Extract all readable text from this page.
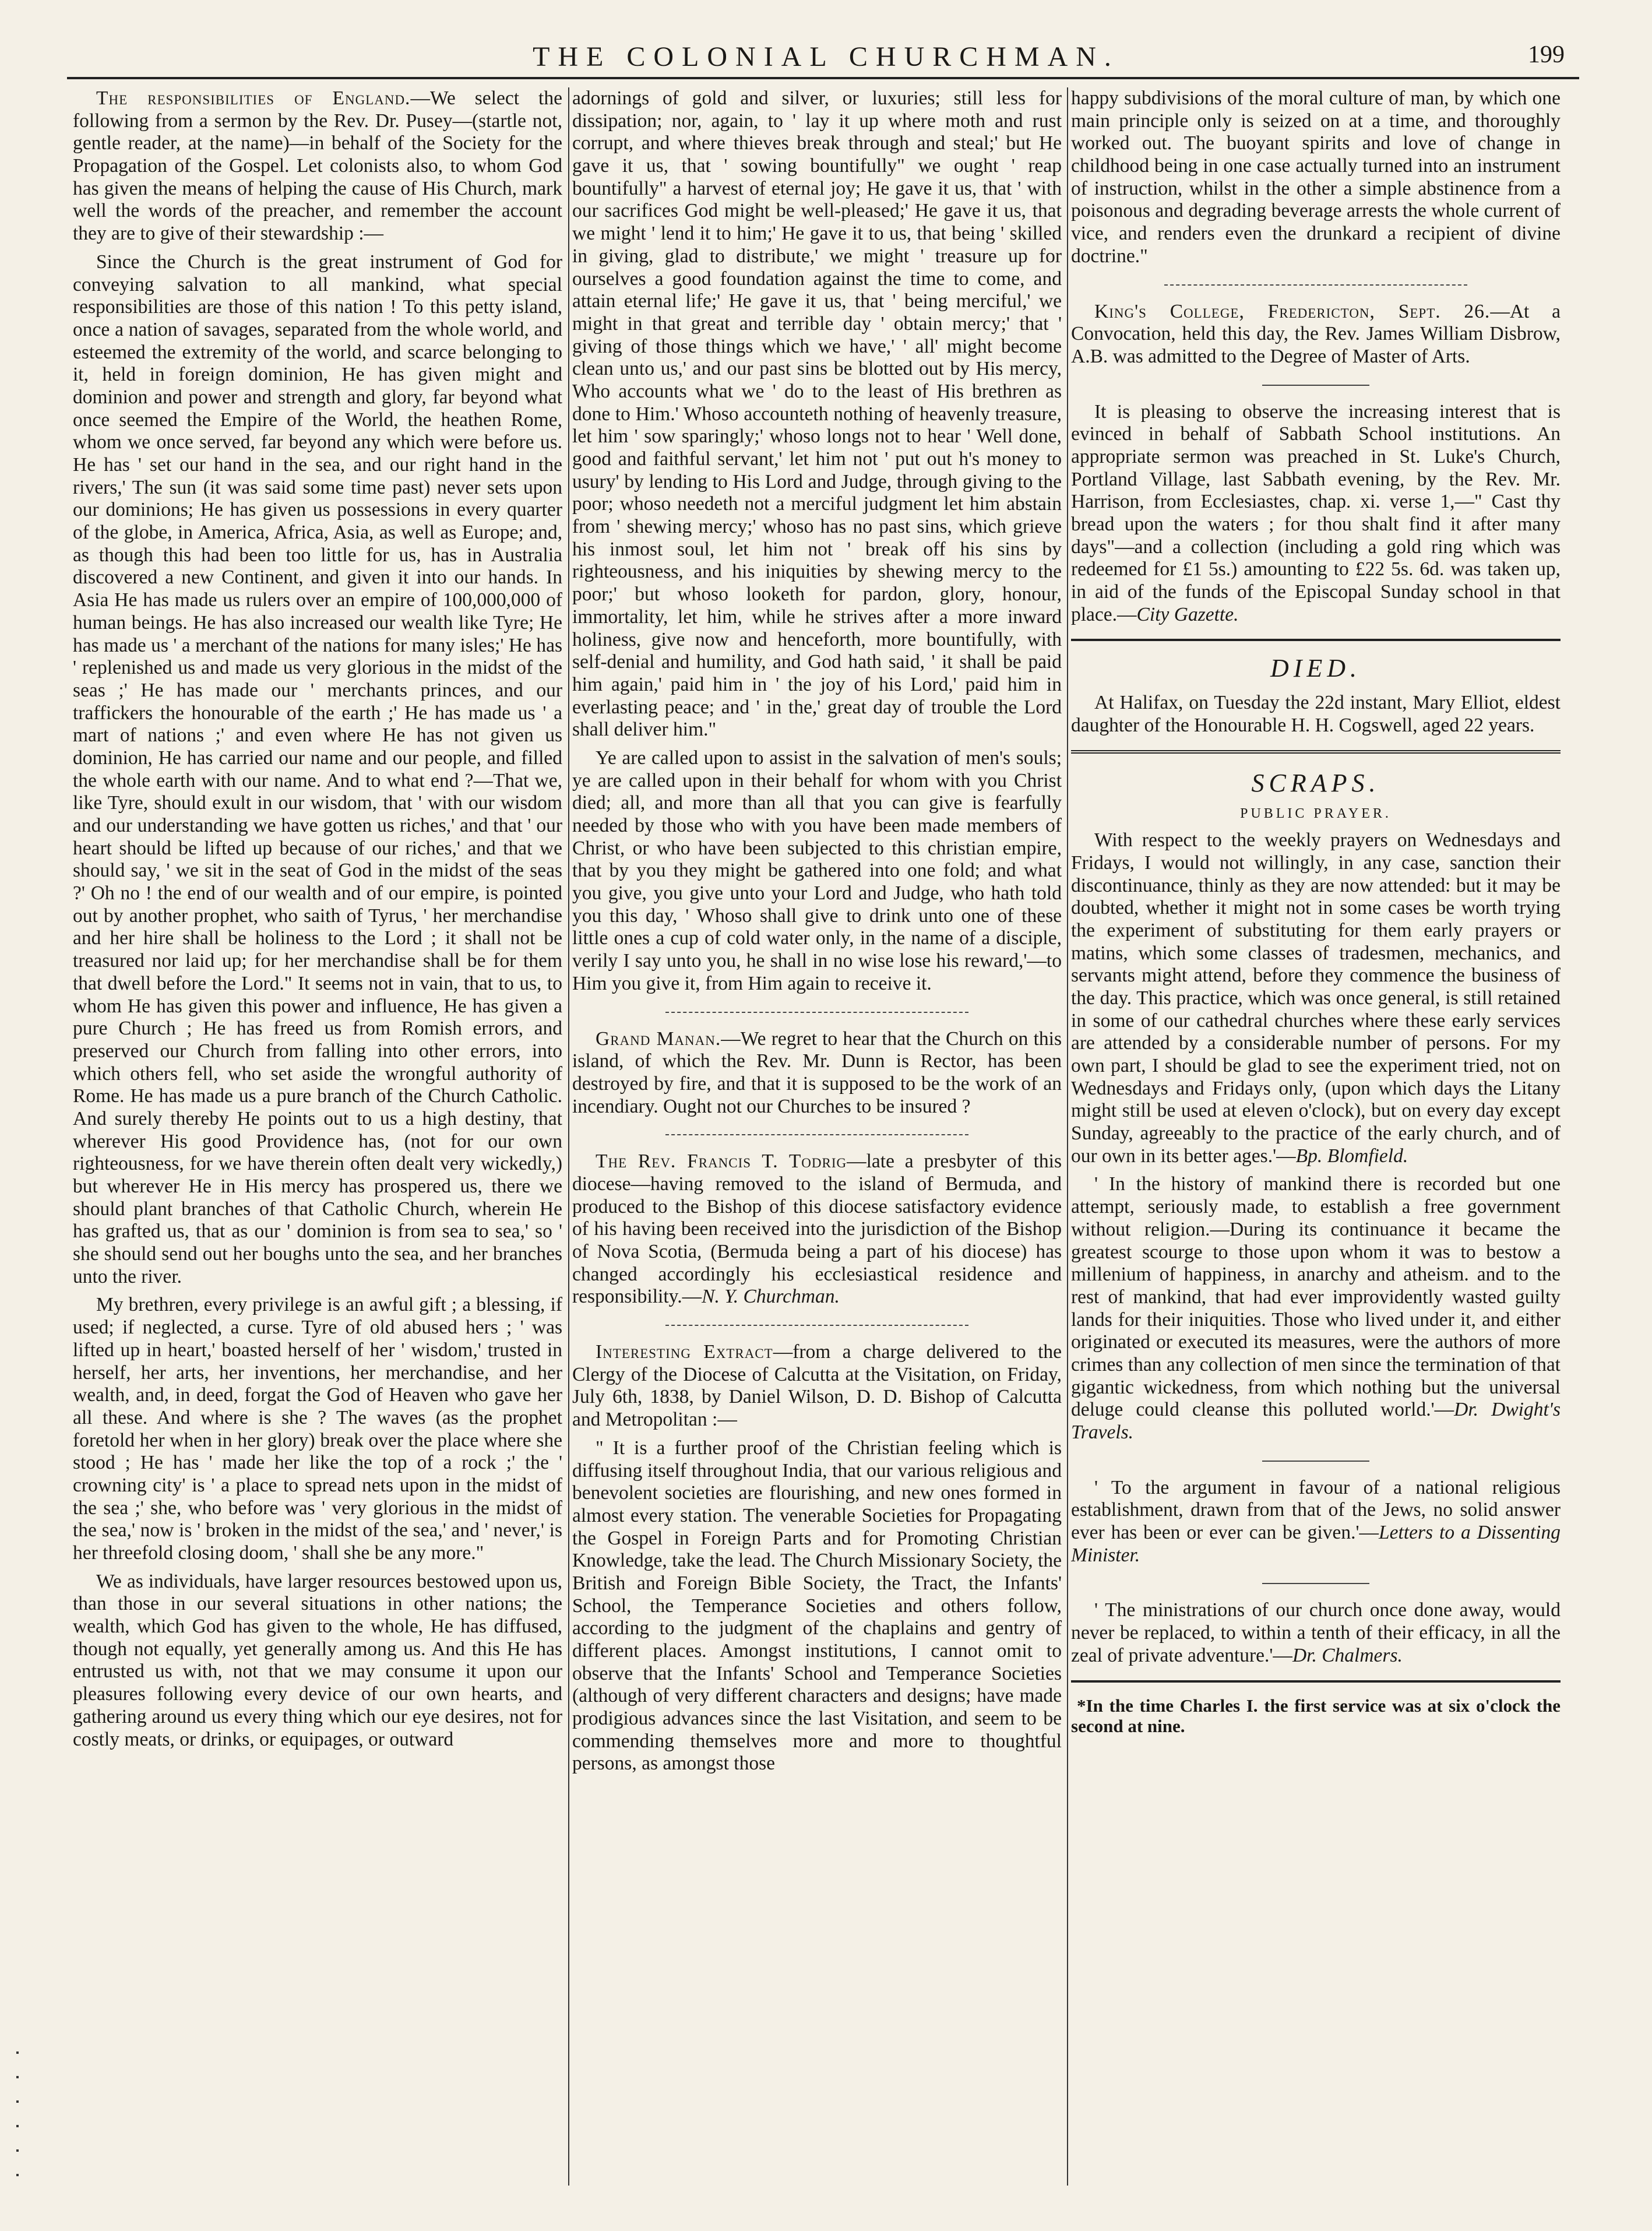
THE COLONIAL CHURCHMAN.	199

The responsibilities of England.—We select the following from a sermon by the Rev. Dr. Pusey—(startle not, gentle reader, at the name)—in behalf of the Society for the Propagation of the Gospel. Let colonists also, to whom God has given the means of helping the cause of His Church, mark well the words of the preacher, and remember the account they are to give of their stewardship :—

Since the Church is the great instrument of God for conveying salvation to all mankind, what special responsibilities are those of this nation ! To this petty island, once a nation of savages, separated from the whole world, and esteemed the extremity of the world, and scarce belonging to it, held in foreign dominion, He has given might and dominion and power and strength and glory, far beyond what once seemed the Empire of the World, the heathen Rome, whom we once served, far beyond any which were before us. He has ' set our hand in the sea, and our right hand in the rivers,' The sun (it was said some time past) never sets upon our dominions; He has given us possessions in every quarter of the globe, in America, Africa, Asia, as well as Europe; and, as though this had been too little for us, has in Australia discovered a new Continent, and given it into our hands. In Asia He has made us rulers over an empire of 100,000,000 of human beings. He has also increased our wealth like Tyre; He has made us ' a merchant of the nations for many isles;' He has ' replenished us and made us very glorious in the midst of the seas ;' He has made our ' merchants princes, and our traffickers the honourable of the earth ;' He has made us ' a mart of nations ;' and even where He has not given us dominion, He has carried our name and our people, and filled the whole earth with our name. And to what end ?—That we, like Tyre, should exult in our wisdom, that ' with our wisdom and our understanding we have gotten us riches,' and that ' our heart should be lifted up because of our riches,' and that we should say, ' we sit in the seat of God in the midst of the seas ?' Oh no ! the end of our wealth and of our empire, is pointed out by another prophet, who saith of Tyrus, ' her merchandise and her hire shall be holiness to the Lord ; it shall not be treasured nor laid up; for her merchandise shall be for them that dwell before the Lord." It seems not in vain, that to us, to whom He has given this power and influence, He has given a pure Church ; He has freed us from Romish errors, and preserved our Church from falling into other errors, into which others fell, who set aside the wrongful authority of Rome. He has made us a pure branch of the Church Catholic. And surely thereby He points out to us a high destiny, that wherever His good Providence has, (not for our own righteousness, for we have therein often dealt very wickedly,) but wherever He in His mercy has prospered us, there we should plant branches of that Catholic Church, wherein He has grafted us, that as our ' dominion is from sea to sea,' so ' she should send out her boughs unto the sea, and her branches unto the river.

My brethren, every privilege is an awful gift ; a blessing, if used; if neglected, a curse. Tyre of old abused hers ; ' was lifted up in heart,' boasted herself of her ' wisdom,' trusted in herself, her arts, her inventions, her merchandise, and her wealth, and, in deed, forgat the God of Heaven who gave her all these. And where is she ? The waves (as the prophet foretold her when in her glory) break over the place where she stood ; He has ' made her like the top of a rock ;' the ' crowning city' is ' a place to spread nets upon in the midst of the sea ;' she, who before was ' very glorious in the midst of the sea,' now is ' broken in the midst of the sea,' and ' never,' is her threefold closing doom, ' shall she be any more."

We as individuals, have larger resources bestowed upon us, than those in our several situations in other nations; the wealth, which God has given to the whole, He has diffused, though not equally, yet generally among us. And this He has entrusted us with, not that we may consume it upon our pleasures following every device of our own hearts, and gathering around us every thing which our eye desires, not for costly meats, or drinks, or equipages, or outward

adornings of gold and silver, or luxuries; still less for dissipation; nor, again, to ' lay it up where moth and rust corrupt, and where thieves break through and steal;' but He gave it us, that ' sowing bountifully" we ought ' reap bountifully" a harvest of eternal joy; He gave it us, that ' with our sacrifices God might be well-pleased;' He gave it us, that we might ' lend it to him;' He gave it to us, that being ' skilled in giving, glad to distribute,' we might ' treasure up for ourselves a good foundation against the time to come, and attain eternal life;' He gave it us, that ' being merciful,' we might in that great and terrible day ' obtain mercy;' that ' giving of those things which we have,' ' all' might become clean unto us,' and our past sins be blotted out by His mercy, Who accounts what we ' do to the least of His brethren as done to Him.' Whoso accounteth nothing of heavenly treasure, let him ' sow sparingly;' whoso longs not to hear ' Well done, good and faithful servant,' let him not ' put out h's money to usury' by lending to His Lord and Judge, through giving to the poor; whoso needeth not a merciful judgment let him abstain from ' shewing mercy;' whoso has no past sins, which grieve his inmost soul, let him not ' break off his sins by righteousness, and his iniquities by shewing mercy to the poor;' but whoso looketh for pardon, glory, honour, immortality, let him, while he strives after a more inward holiness, give now and henceforth, more bountifully, with self-denial and humility, and God hath said, ' it shall be paid him again,' paid him in ' the joy of his Lord,' paid him in everlasting peace; and ' in the,' great day of trouble the Lord shall deliver him."

Ye are called upon to assist in the salvation of men's souls; ye are called upon in their behalf for whom with you Christ died; all, and more than all that you can give is fearfully needed by those who with you have been made members of Christ, or who have been subjected to this christian empire, that by you they might be gathered into one fold; and what you give, you give unto your Lord and Judge, who hath told you this day, ' Whoso shall give to drink unto one of these little ones a cup of cold water only, in the name of a disciple, verily I say unto you, he shall in no wise lose his reward,'—to Him you give it, from Him again to receive it.

Grand Manan.—We regret to hear that the Church on this island, of which the Rev. Mr. Dunn is Rector, has been destroyed by fire, and that it is supposed to be the work of an incendiary. Ought not our Churches to be insured ?

The Rev. Francis T. Todrig—late a presbyter of this diocese—having removed to the island of Bermuda, and produced to the Bishop of this diocese satisfactory evidence of his having been received into the jurisdiction of the Bishop of Nova Scotia, (Bermuda being a part of his diocese) has changed accordingly his ecclesiastical residence and responsibility.—N. Y. Churchman.

Interesting Extract—from a charge delivered to the Clergy of the Diocese of Calcutta at the Visitation, on Friday, July 6th, 1838, by Daniel Wilson, D. D. Bishop of Calcutta and Metropolitan :—

" It is a further proof of the Christian feeling which is diffusing itself throughout India, that our various religious and benevolent societies are flourishing, and new ones formed in almost every station. The venerable Societies for Propagating the Gospel in Foreign Parts and for Promoting Christian Knowledge, take the lead. The Church Missionary Society, the British and Foreign Bible Society, the Tract, the Infants' School, the Temperance Societies and others follow, according to the judgment of the chaplains and gentry of different places. Amongst institutions, I cannot omit to observe that the Infants' School and Temperance Societies (although of very different characters and designs; have made prodigious advances since the last Visitation, and seem to be commending themselves more and more to thoughtful persons, as amongst those

happy subdivisions of the moral culture of man, by which one main principle only is seized on at a time, and thoroughly worked out. The buoyant spirits and love of change in childhood being in one case actually turned into an instrument of instruction, whilst in the other a simple abstinence from a poisonous and degrading beverage arrests the whole current of vice, and renders even the drunkard a recipient of divine doctrine."

King's College, Fredericton, Sept. 26.—At a Convocation, held this day, the Rev. James William Disbrow, A.B. was admitted to the Degree of Master of Arts.

It is pleasing to observe the increasing interest that is evinced in behalf of Sabbath School institutions. An appropriate sermon was preached in St. Luke's Church, Portland Village, last Sabbath evening, by the Rev. Mr. Harrison, from Ecclesiastes, chap. xi. verse 1,—" Cast thy bread upon the waters ; for thou shalt find it after many days"—and a collection (including a gold ring which was redeemed for £1 5s.) amounting to £22 5s. 6d. was taken up, in aid of the funds of the Episcopal Sunday school in that place.—City Gazette.

DIED.

At Halifax, on Tuesday the 22d instant, Mary Elliot, eldest daughter of the Honourable H. H. Cogswell, aged 22 years.

SCRAPS.
PUBLIC PRAYER.

With respect to the weekly prayers on Wednesdays and Fridays, I would not willingly, in any case, sanction their discontinuance, thinly as they are now attended: but it may be doubted, whether it might not in some cases be worth trying the experiment of substituting for them early prayers or matins, which some classes of tradesmen, mechanics, and servants might attend, before they commence the business of the day. This practice, which was once general, is still retained in some of our cathedral churches where these early services are attended by a considerable number of persons. For my own part, I should be glad to see the experiment tried, not on Wednesdays and Fridays only, (upon which days the Litany might still be used at eleven o'clock), but on every day except Sunday, agreeably to the practice of the early church, and of our own in its better ages.'—Bp. Blomfield.

' In the history of mankind there is recorded but one attempt, seriously made, to establish a free government without religion.—During its continuance it became the greatest scourge to those upon whom it was to bestow a millenium of happiness, in anarchy and atheism. and to the rest of mankind, that had ever improvidently wasted guilty lands for their iniquities. Those who lived under it, and either originated or executed its measures, were the authors of more crimes than any collection of men since the termination of that gigantic wickedness, from which nothing but the universal deluge could cleanse this polluted world.'—Dr. Dwight's Travels.

' To the argument in favour of a national religious establishment, drawn from that of the Jews, no solid answer ever has been or ever can be given.'—Letters to a Dissenting Minister.

' The ministrations of our church once done away, would never be replaced, to within a tenth of their efficacy, in all the zeal of private adventure.'—Dr. Chalmers.

*In the time Charles I. the first service was at six o'clock the second at nine.
